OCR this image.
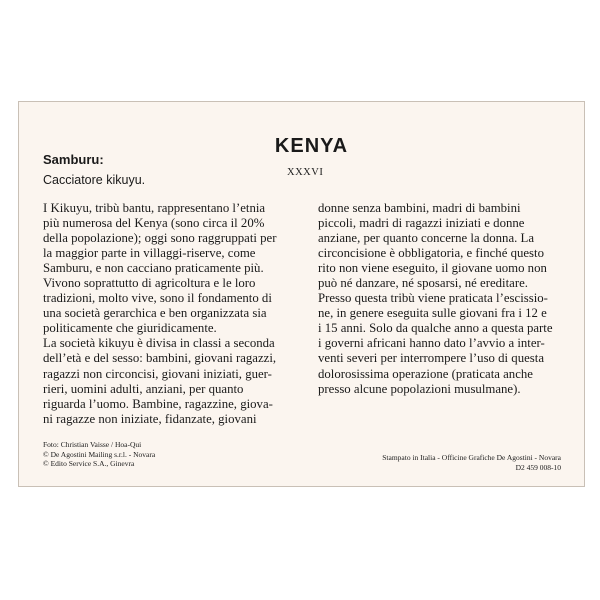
KENYA
XXXVI
Samburu:
Cacciatore kikuyu.
I Kikuyu, tribù bantu, rappresentano l’etnia
più numerosa del Kenya (sono circa il 20%
della popolazione); oggi sono raggruppati per
la maggior parte in villaggi-riserve, come
Samburu, e non cacciano praticamente più.
Vivono soprattutto di agricoltura e le loro
tradizioni, molto vive, sono il fondamento di
una società gerarchica e ben organizzata sia
politicamente che giuridicamente.
La società kikuyu è divisa in classi a seconda
dell’età e del sesso: bambini, giovani ragazzi,
ragazzi non circoncisi, giovani iniziati, guer-
rieri, uomini adulti, anziani, per quanto
riguarda l’uomo. Bambine, ragazzine, giova-
ni ragazze non iniziate, fidanzate, giovani
donne senza bambini, madri di bambini
piccoli, madri di ragazzi iniziati e donne
anziane, per quanto concerne la donna. La
circoncisione è obbligatoria, e finché questo
rito non viene eseguito, il giovane uomo non
può né danzare, né sposarsi, né ereditare.
Presso questa tribù viene praticata l’escissio-
ne, in genere eseguita sulle giovani fra i 12 e
i 15 anni. Solo da qualche anno a questa parte
i governi africani hanno dato l’avvio a inter-
venti severi per interrompere l’uso di questa
dolorosissima operazione (praticata anche
presso alcune popolazioni musulmane).
Foto: Christian Vaisse / Hoa-Qui
© De Agostini Mailing s.r.l. - Novara
© Edito Service S.A., Ginevra
Stampato in Italia - Officine Grafiche De Agostini - Novara
D2 459 008-10
